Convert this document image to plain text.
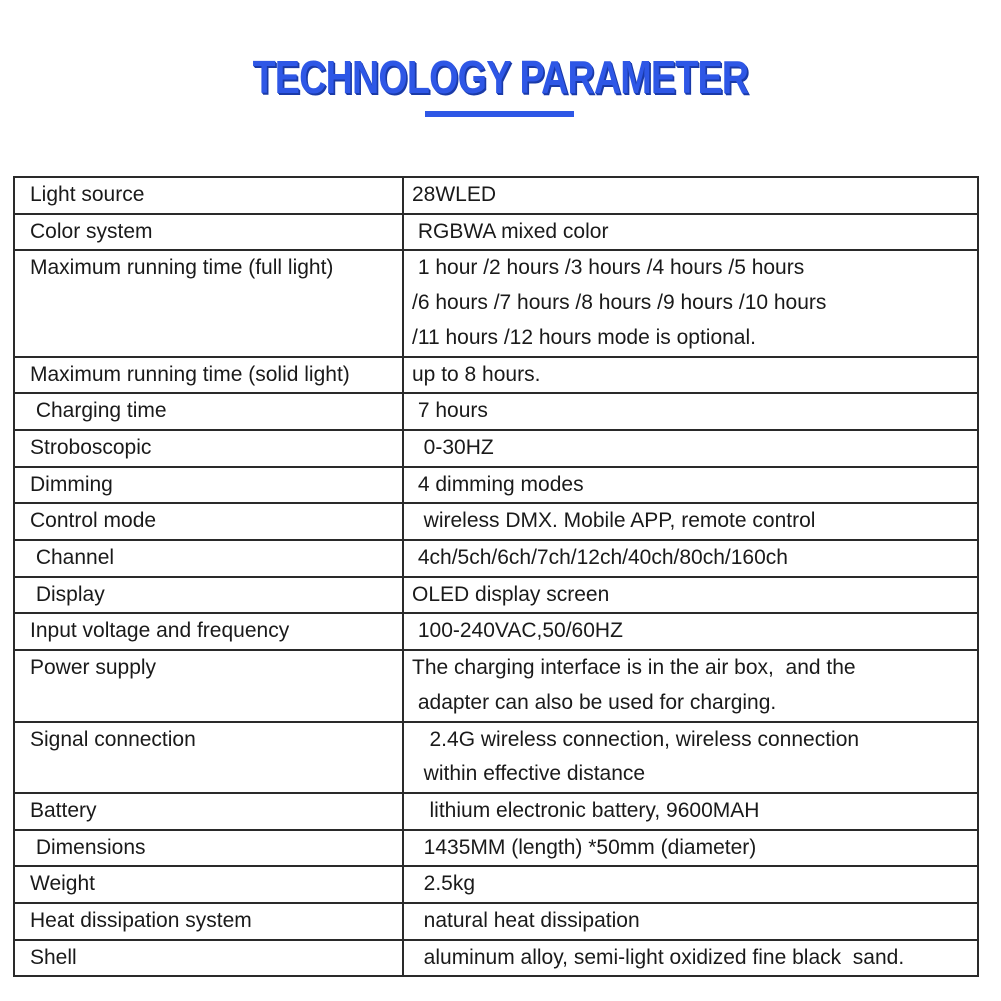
TECHNOLOGY PARAMETER
Light source	28WLED

Color system	RGBWA mixed color

Maximum running time (full light)	1 hour /2 hours /3 hours /4 hours /5 hours
/6 hours /7 hours /8 hours /9 hours /10 hours
/11 hours /12 hours mode is optional.

Maximum running time (solid light)	up to 8 hours.

Charging time	7 hours

Stroboscopic	0-30HZ

Dimming	4 dimming modes

Control mode	wireless DMX. Mobile APP, remote control

Channel	4ch/5ch/6ch/7ch/12ch/40ch/80ch/160ch

Display	OLED display screen

Input voltage and frequency	100-240VAC,50/60HZ

Power supply	The charging interface is in the air box,  and the
adapter can also be used for charging.

Signal connection	2.4G wireless connection, wireless connection
within effective distance

Battery	lithium electronic battery, 9600MAH

Dimensions	1435MM (length) *50mm (diameter)

Weight	2.5kg

Heat dissipation system	natural heat dissipation

Shell	aluminum alloy, semi-light oxidized fine black  sand.
